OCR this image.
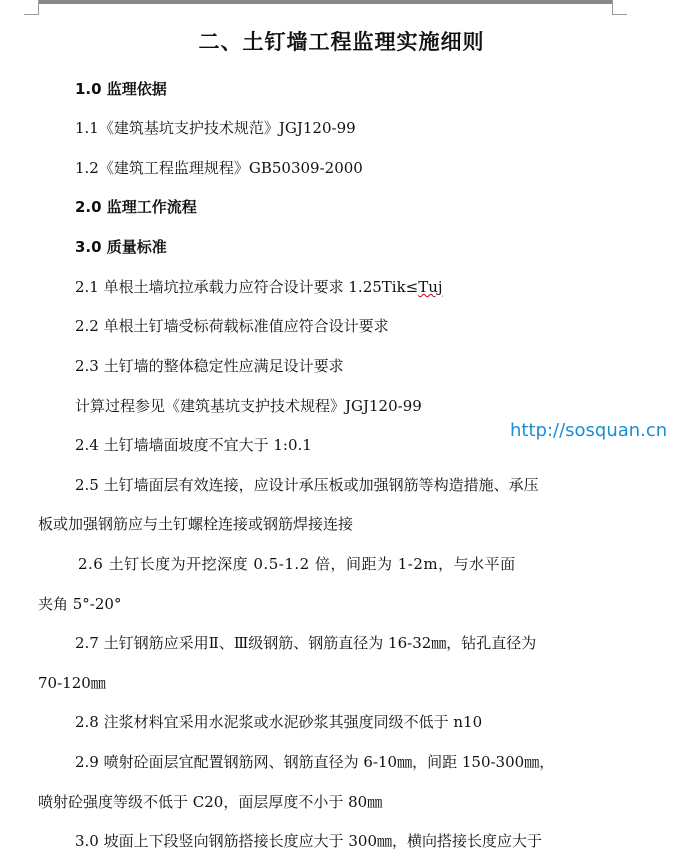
二、土钉墙工程监理实施细则
1.0 监理依据
1.1《建筑基坑支护技术规范》JGJ120-99
1.2《建筑工程监理规程》GB50309-2000
2.0 监理工作流程
3.0 质量标准
2.1 单根土墙坑拉承载力应符合设计要求 1.25Tik≤Tuj
2.2 单根土钉墙受标荷载标准值应符合设计要求
2.3 土钉墙的整体稳定性应满足设计要求
计算过程参见《建筑基坑支护技术规程》JGJ120-99
2.4 土钉墙墙面坡度不宜大于 1:0.1
2.5 土钉墙面层有效连接，应设计承压板或加强钢筋等构造措施、承压
板或加强钢筋应与土钉螺栓连接或钢筋焊接连接
2.6 土钉长度为开挖深度 0.5-1.2 倍，间距为 1-2m，与水平面
夹角 5°-20°
2.7 土钉钢筋应采用Ⅱ、Ⅲ级钢筋、钢筋直径为 16-32㎜，钻孔直径为
70-120㎜
2.8 注浆材料宜采用水泥浆或水泥砂浆其强度同级不低于 n10
2.9 喷射砼面层宜配置钢筋网、钢筋直径为 6-10㎜，间距 150-300㎜，
喷射砼强度等级不低于 C20，面层厚度不小于 80㎜
3.0 坡面上下段竖向钢筋搭接长度应大于 300㎜，横向搭接长度应大于
http://sosquan.cn
